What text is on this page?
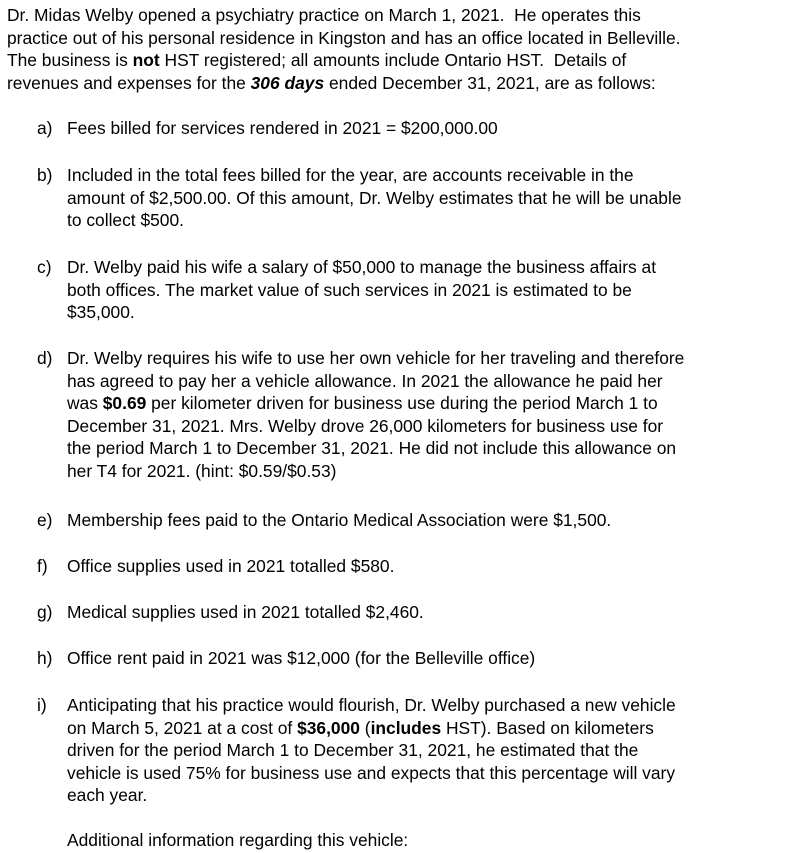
Dr. Midas Welby opened a psychiatry practice on March 1, 2021.  He operates this
practice out of his personal residence in Kingston and has an office located in Belleville.
The business is not HST registered; all amounts include Ontario HST.  Details of
revenues and expenses for the 306 days ended December 31, 2021, are as follows:

a) Fees billed for services rendered in 2021 = $200,000.00
b) Included in the total fees billed for the year, are accounts receivable in the
amount of $2,500.00. Of this amount, Dr. Welby estimates that he will be unable
to collect $500.
c) Dr. Welby paid his wife a salary of $50,000 to manage the business affairs at
both offices. The market value of such services in 2021 is estimated to be
$35,000.
d) Dr. Welby requires his wife to use her own vehicle for her traveling and therefore
has agreed to pay her a vehicle allowance. In 2021 the allowance he paid her
was $0.69 per kilometer driven for business use during the period March 1 to
December 31, 2021. Mrs. Welby drove 26,000 kilometers for business use for
the period March 1 to December 31, 2021. He did not include this allowance on
her T4 for 2021. (hint: $0.59/$0.53)
e) Membership fees paid to the Ontario Medical Association were $1,500.
f)	Office supplies used in 2021 totalled $580.
g) Medical supplies used in 2021 totalled $2,460.
h) Office rent paid in 2021 was $12,000 (for the Belleville office)
i)	Anticipating that his practice would flourish, Dr. Welby purchased a new vehicle
on March 5, 2021 at a cost of $36,000 (includes HST). Based on kilometers
driven for the period March 1 to December 31, 2021, he estimated that the
vehicle is used 75% for business use and expects that this percentage will vary
each year.
Additional information regarding this vehicle:
